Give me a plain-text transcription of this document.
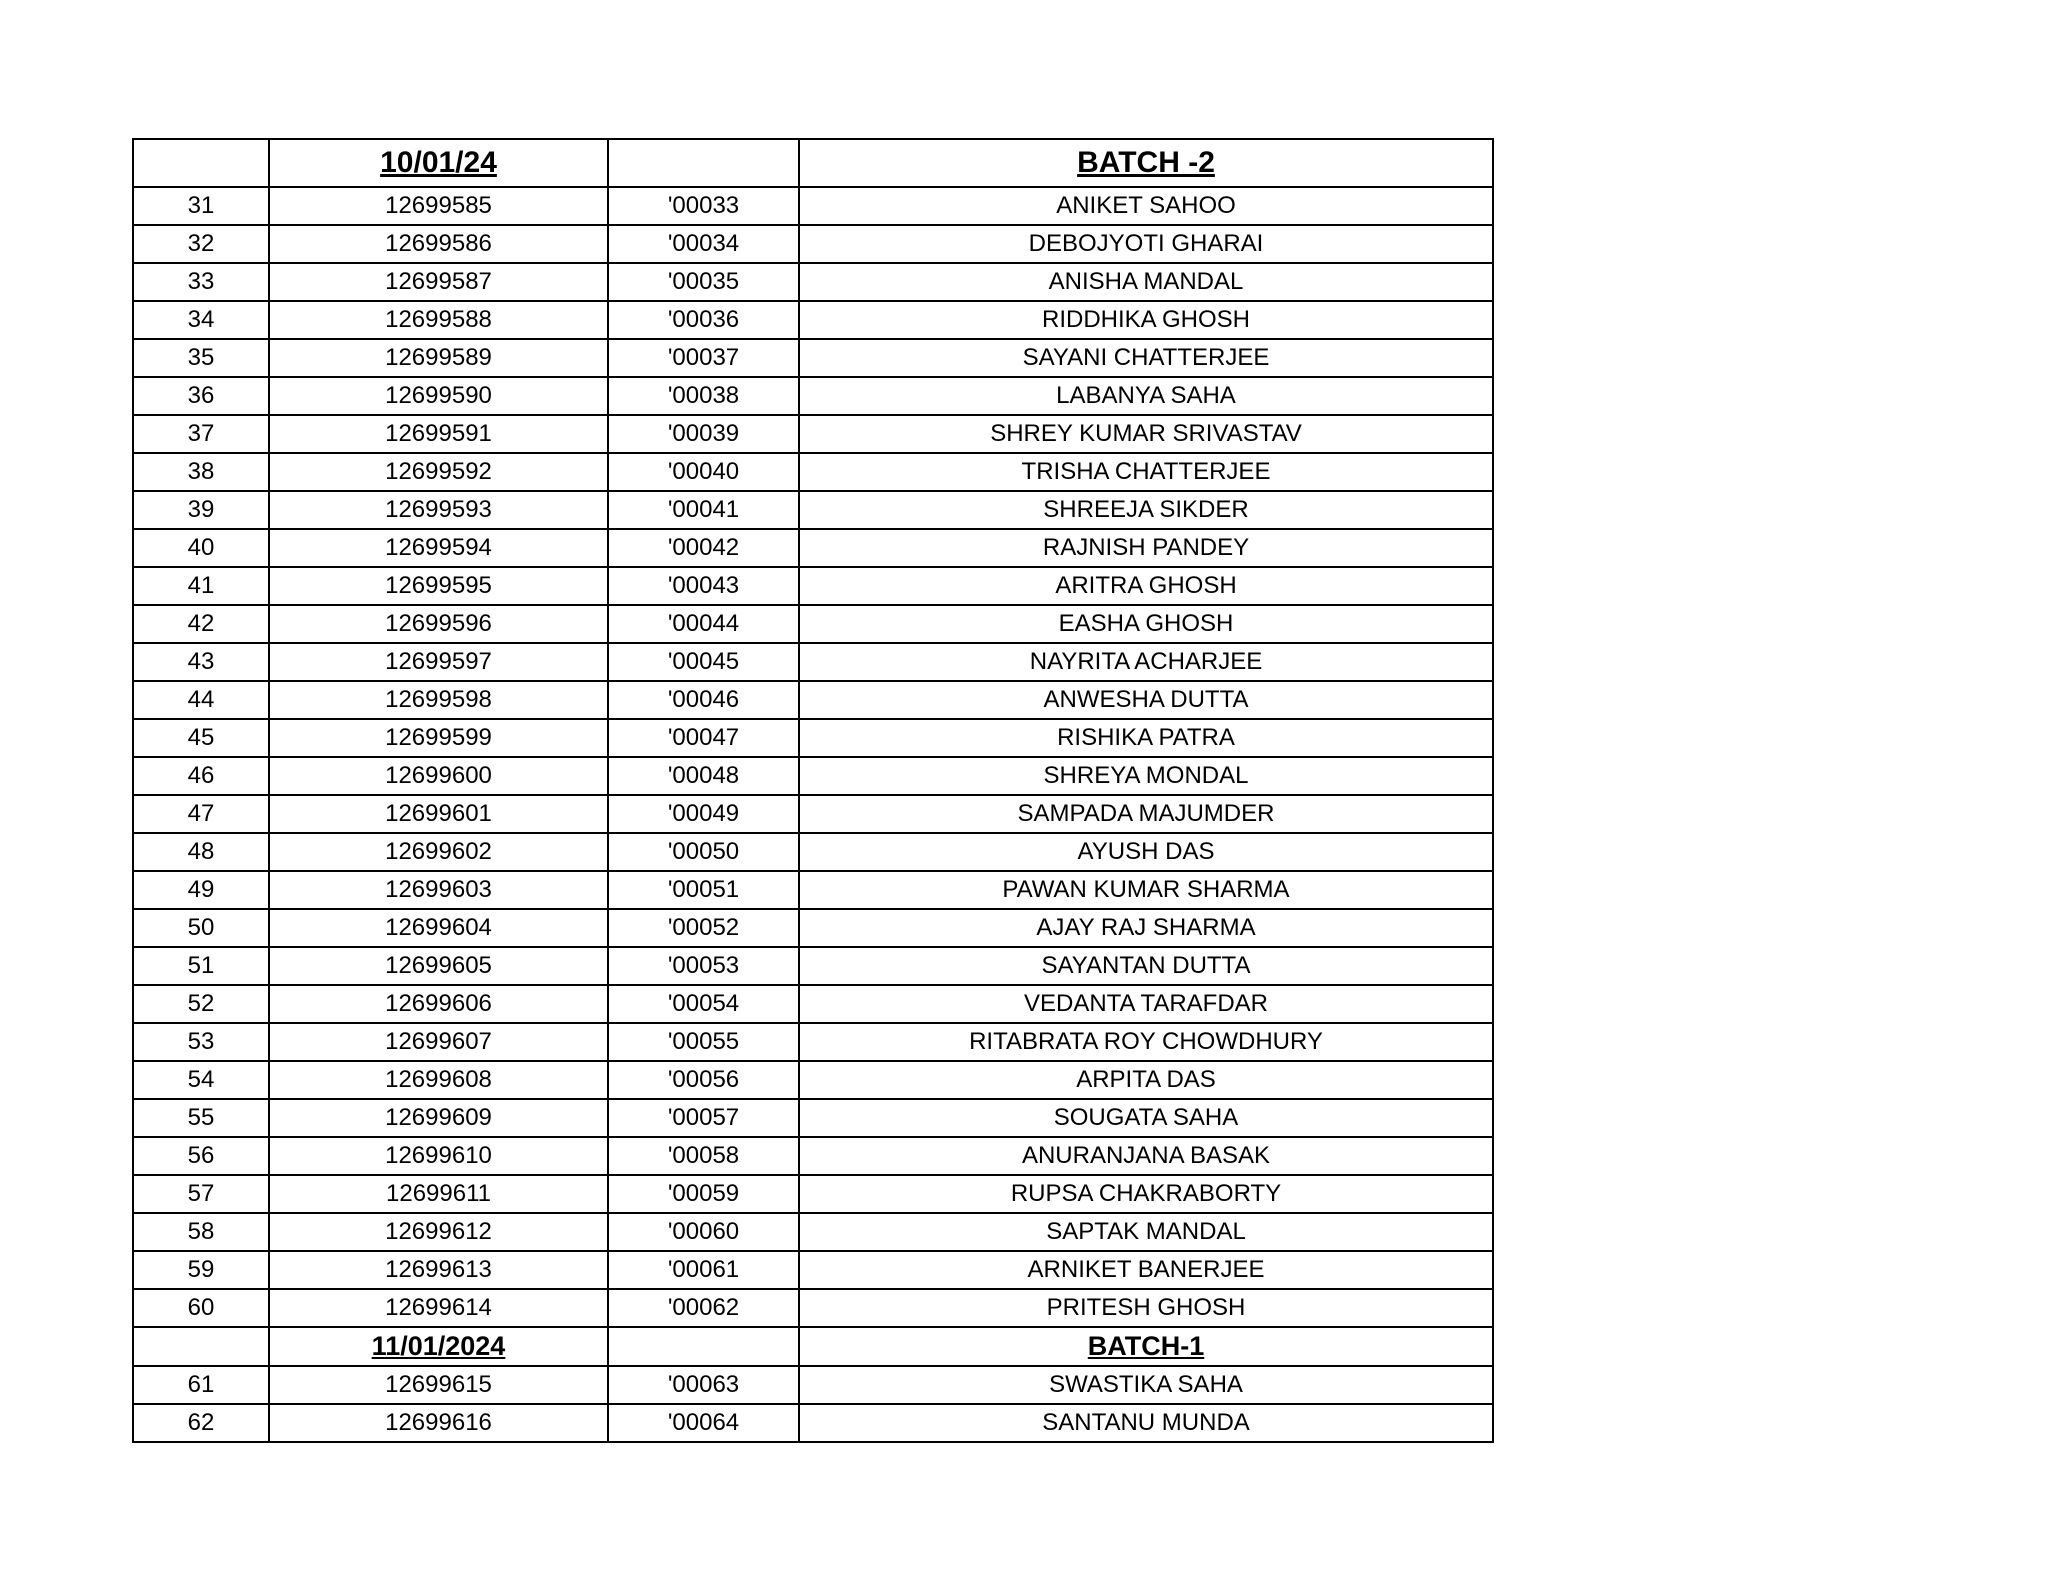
	10/01/24		BATCH -2
31	12699585	'00033	ANIKET SAHOO
32	12699586	'00034	DEBOJYOTI GHARAI
33	12699587	'00035	ANISHA MANDAL
34	12699588	'00036	RIDDHIKA GHOSH
35	12699589	'00037	SAYANI CHATTERJEE
36	12699590	'00038	LABANYA SAHA
37	12699591	'00039	SHREY KUMAR SRIVASTAV
38	12699592	'00040	TRISHA CHATTERJEE
39	12699593	'00041	SHREEJA SIKDER
40	12699594	'00042	RAJNISH PANDEY
41	12699595	'00043	ARITRA GHOSH
42	12699596	'00044	EASHA GHOSH
43	12699597	'00045	NAYRITA ACHARJEE
44	12699598	'00046	ANWESHA DUTTA
45	12699599	'00047	RISHIKA PATRA
46	12699600	'00048	SHREYA MONDAL
47	12699601	'00049	SAMPADA MAJUMDER
48	12699602	'00050	AYUSH DAS
49	12699603	'00051	PAWAN KUMAR SHARMA
50	12699604	'00052	AJAY RAJ SHARMA
51	12699605	'00053	SAYANTAN DUTTA
52	12699606	'00054	VEDANTA TARAFDAR
53	12699607	'00055	RITABRATA ROY CHOWDHURY
54	12699608	'00056	ARPITA DAS
55	12699609	'00057	SOUGATA SAHA
56	12699610	'00058	ANURANJANA BASAK
57	12699611	'00059	RUPSA CHAKRABORTY
58	12699612	'00060	SAPTAK MANDAL
59	12699613	'00061	ARNIKET BANERJEE
60	12699614	'00062	PRITESH GHOSH
	11/01/2024		BATCH-1
61	12699615	'00063	SWASTIKA SAHA
62	12699616	'00064	SANTANU MUNDA
